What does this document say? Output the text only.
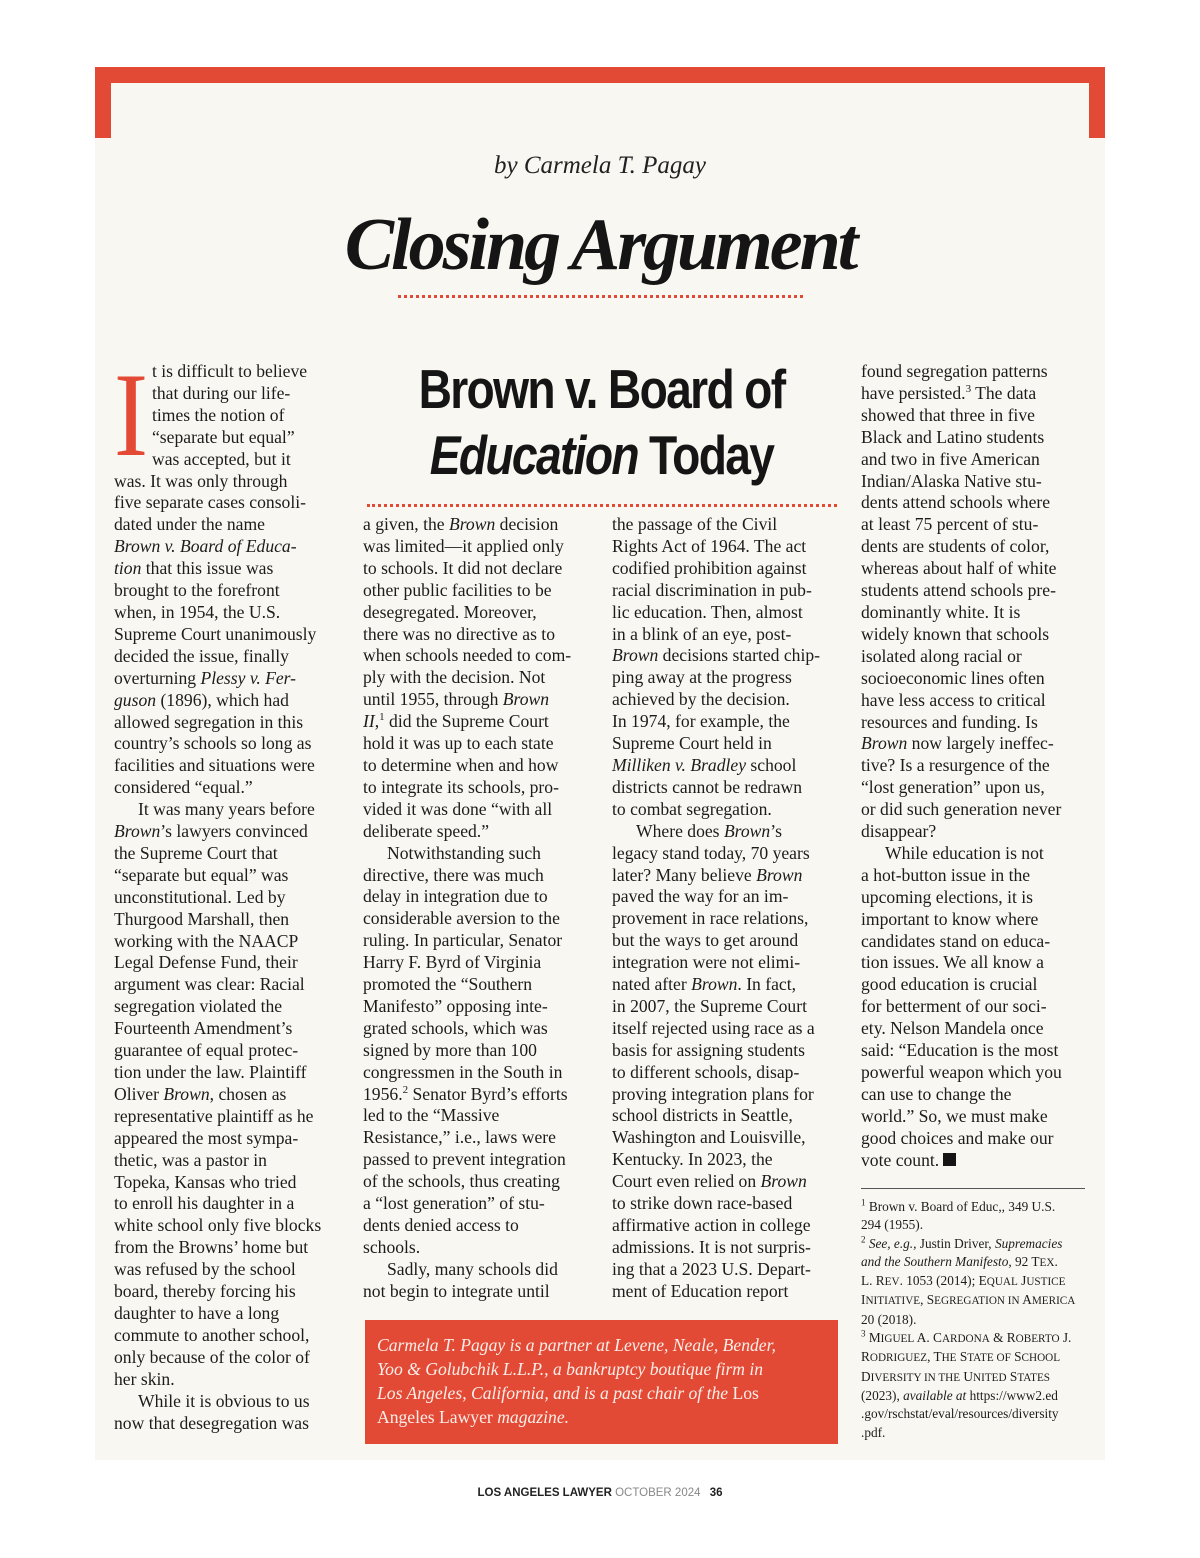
by Carmela T. Pagay
Closing Argument
Brown v. Board of
Education Today
I t is difficult to believe
that during our life-
times the notion of
“separate but equal”
was accepted, but it
was. It was only through
five separate cases consoli-
dated under the name
Brown v. Board of Educa-
tion that this issue was
brought to the forefront
when, in 1954, the U.S.
Supreme Court unanimously
decided the issue, finally
overturning Plessy v. Fer-
guson (1896), which had
allowed segregation in this
country’s schools so long as
facilities and situations were
considered “equal.”
It was many years before
Brown’s lawyers convinced
the Supreme Court that
“separate but equal” was
unconstitutional. Led by
Thurgood Marshall, then
working with the NAACP
Legal Defense Fund, their
argument was clear: Racial
segregation violated the
Fourteenth Amendment’s
guarantee of equal protec-
tion under the law. Plaintiff
Oliver Brown, chosen as
representative plaintiff as he
appeared the most sympa-
thetic, was a pastor in
Topeka, Kansas who tried
to enroll his daughter in a
white school only five blocks
from the Browns’ home but
was refused by the school
board, thereby forcing his
daughter to have a long
commute to another school,
only because of the color of
her skin.
While it is obvious to us
now that desegregation was
a given, the Brown decision
was limited—it applied only
to schools. It did not declare
other public facilities to be
desegregated. Moreover,
there was no directive as to
when schools needed to com-
ply with the decision. Not
until 1955, through Brown
II,$^1$ did the Supreme Court
hold it was up to each state
to determine when and how
to integrate its schools, pro-
vided it was done “with all
deliberate speed.”
Notwithstanding such
directive, there was much
delay in integration due to
considerable aversion to the
ruling. In particular, Senator
Harry F. Byrd of Virginia
promoted the “Southern
Manifesto” opposing inte-
grated schools, which was
signed by more than 100
congressmen in the South in
1956.$^2$ Senator Byrd’s efforts
led to the “Massive
Resistance,” i.e., laws were
passed to prevent integration
of the schools, thus creating
a “lost generation” of stu-
dents denied access to
schools.
Sadly, many schools did
not begin to integrate until
the passage of the Civil
Rights Act of 1964. The act
codified prohibition against
racial discrimination in pub-
lic education. Then, almost
in a blink of an eye, post-
Brown decisions started chip-
ping away at the progress
achieved by the decision.
In 1974, for example, the
Supreme Court held in
Milliken v. Bradley school
districts cannot be redrawn
to combat segregation.
Where does Brown’s
legacy stand today, 70 years
later? Many believe Brown
paved the way for an im-
provement in race relations,
but the ways to get around
integration were not elimi-
nated after Brown. In fact,
in 2007, the Supreme Court
itself rejected using race as a
basis for assigning students
to different schools, disap-
proving integration plans for
school districts in Seattle,
Washington and Louisville,
Kentucky. In 2023, the
Court even relied on Brown
to strike down race-based
affirmative action in college
admissions. It is not surpris-
ing that a 2023 U.S. Depart-
ment of Education report
found segregation patterns
have persisted.$^3$ The data
showed that three in five
Black and Latino students
and two in five American
Indian/Alaska Native stu-
dents attend schools where
at least 75 percent of stu-
dents are students of color,
whereas about half of white
students attend schools pre-
dominantly white. It is
widely known that schools
isolated along racial or
socioeconomic lines often
have less access to critical
resources and funding. Is
Brown now largely ineffec-
tive? Is a resurgence of the
“lost generation” upon us,
or did such generation never
disappear?
While education is not
a hot-button issue in the
upcoming elections, it is
important to know where
candidates stand on educa-
tion issues. We all know a
good education is crucial
for betterment of our soci-
ety. Nelson Mandela once
said: “Education is the most
powerful weapon which you
can use to change the
world.” So, we must make
good choices and make our
vote count.
Carmela T. Pagay is a partner at Levene, Neale, Bender,
Yoo & Golubchik L.L.P., a bankruptcy boutique firm in
Los Angeles, California, and is a past chair of the Los
Angeles Lawyer magazine.
$^1$ Brown v. Board of Educ,, 349 U.S.
294 (1955).
$^2$ See, e.g., Justin Driver, Supremacies
and the Southern Manifesto, 92 TEX.
L. REV. 1053 (2014); EQUAL JUSTICE
INITIATIVE, SEGREGATION IN AMERICA
20 (2018).
$^3$ MIGUEL A. CARDONA & ROBERTO J.
RODRIGUEZ, THE STATE OF SCHOOL
DIVERSITY IN THE UNITED STATES
(2023), available at https://www2.ed
.gov/rschstat/eval/resources/diversity
.pdf.
LOS ANGELES LAWYER OCTOBER 2024 36
